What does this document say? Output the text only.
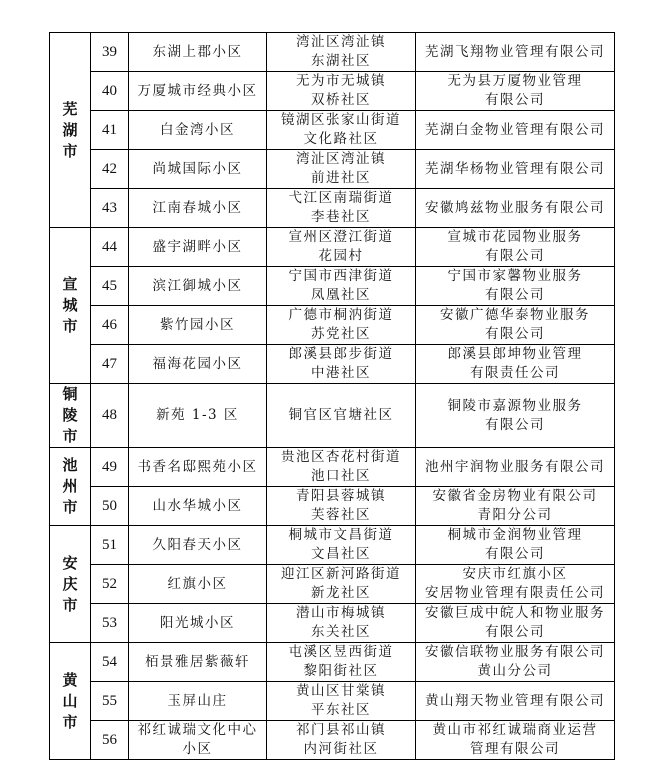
芜湖市	39	东湖上郡小区	湾沚区湾沚镇
东湖社区	芜湖飞翔物业管理有限公司

	40	万厦城市经典小区	无为市无城镇
双桥社区	无为县万厦物业管理
有限公司

	41	白金湾小区	镜湖区张家山街道
文化路社区	芜湖白金物业管理有限公司

	42	尚城国际小区	湾沚区湾沚镇
前进社区	芜湖华杨物业管理有限公司

	43	江南春城小区	弋江区南瑞街道
李巷社区	安徽鸠兹物业服务有限公司

宣城市	44	盛宇湖畔小区	宣州区澄江街道
花园村	宣城市花园物业服务
有限公司

	45	滨江御城小区	宁国市西津街道
凤凰社区	宁国市家馨物业服务
有限公司

	46	紫竹园小区	广德市桐汭街道
苏党社区	安徽广德华泰物业服务
有限公司

	47	福海花园小区	郎溪县郎步街道
中港社区	郎溪县郎坤物业管理
有限责任公司

铜陵市	48	新苑 1-3 区	铜官区官塘社区	铜陵市嘉源物业服务
有限公司

池州市	49	书香名邸熙苑小区	贵池区杏花村街道
池口社区	池州宇润物业服务有限公司

	50	山水华城小区	青阳县蓉城镇
芙蓉社区	安徽省金房物业有限公司
青阳分公司

安庆市	51	久阳春天小区	桐城市文昌街道
文昌社区	桐城市金润物业管理
有限公司

	52	红旗小区	迎江区新河路街道
新龙社区	安庆市红旗小区
安居物业管理有限责任公司

	53	阳光城小区	潜山市梅城镇
东关社区	安徽巨成中皖人和物业服务
有限公司

黄山市	54	栢景雅居紫薇轩	屯溪区昱西街道
黎阳街社区	安徽信联物业服务有限公司
黄山分公司

	55	玉屏山庄	黄山区甘棠镇
平东社区	黄山翔天物业管理有限公司

	56	祁红诚瑞文化中心
小区	祁门县祁山镇
内河街社区	黄山市祁红诚瑞商业运营
管理有限公司
